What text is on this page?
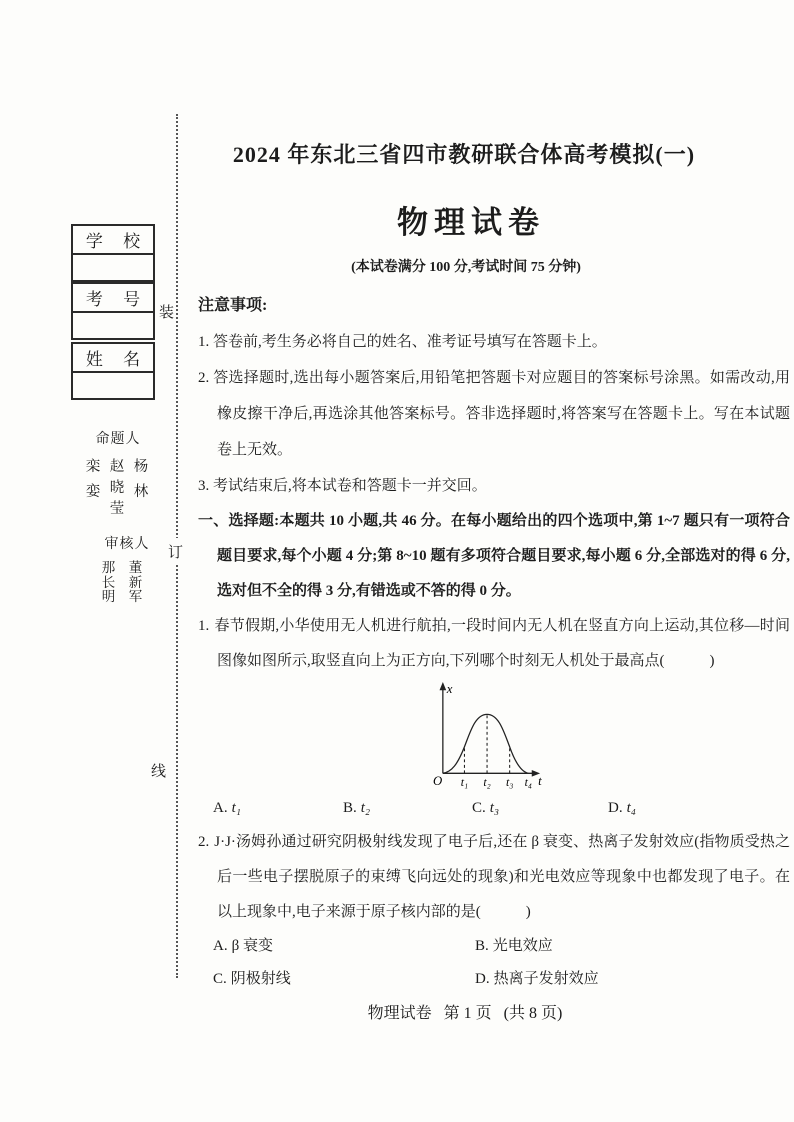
学 校
考 号
姓 名
命题人
栾
娈
赵
晓
莹
杨
林
审核人
那
长
明
董
新
军
装
订
线
2024 年东北三省四市教研联合体高考模拟(一)
物理试卷
(本试卷满分 100 分,考试时间 75 分钟)
注意事项:

1. 答卷前,考生务必将自己的姓名、准考证号填写在答题卡上。

2. 答选择题时,选出每小题答案后,用铅笔把答题卡对应题目的答案标号涂黑。如需改动,用橡皮擦干净后,再选涂其他答案标号。答非选择题时,将答案写在答题卡上。写在本试题卷上无效。

3. 考试结束后,将本试卷和答题卡一并交回。

一、选择题:本题共 10 小题,共 46 分。在每小题给出的四个选项中,第 1~7 题只有一项符合题目要求,每个小题 4 分;第 8~10 题有多项符合题目要求,每小题 6 分,全部选对的得 6 分,选对但不全的得 3 分,有错选或不答的得 0 分。

1. 春节假期,小华使用无人机进行航拍,一段时间内无人机在竖直方向上运动,其位移—时间图像如图所示,取竖直向上为正方向,下列哪个时刻无人机处于最高点(　　　)

O t₁ t₂ t₃ t₄ t
x
A. t₁	B. t₂	C. t₃	D. t₄

2. J·J·汤姆孙通过研究阴极射线发现了电子后,还在 β 衰变、热离子发射效应(指物质受热之后一些电子摆脱原子的束缚飞向远处的现象)和光电效应等现象中也都发现了电子。在以上现象中,电子来源于原子核内部的是(　　　)

A. β 衰变	B. 光电效应
C. 阴极射线	D. 热离子发射效应
物理试卷   第 1 页   (共 8 页)
